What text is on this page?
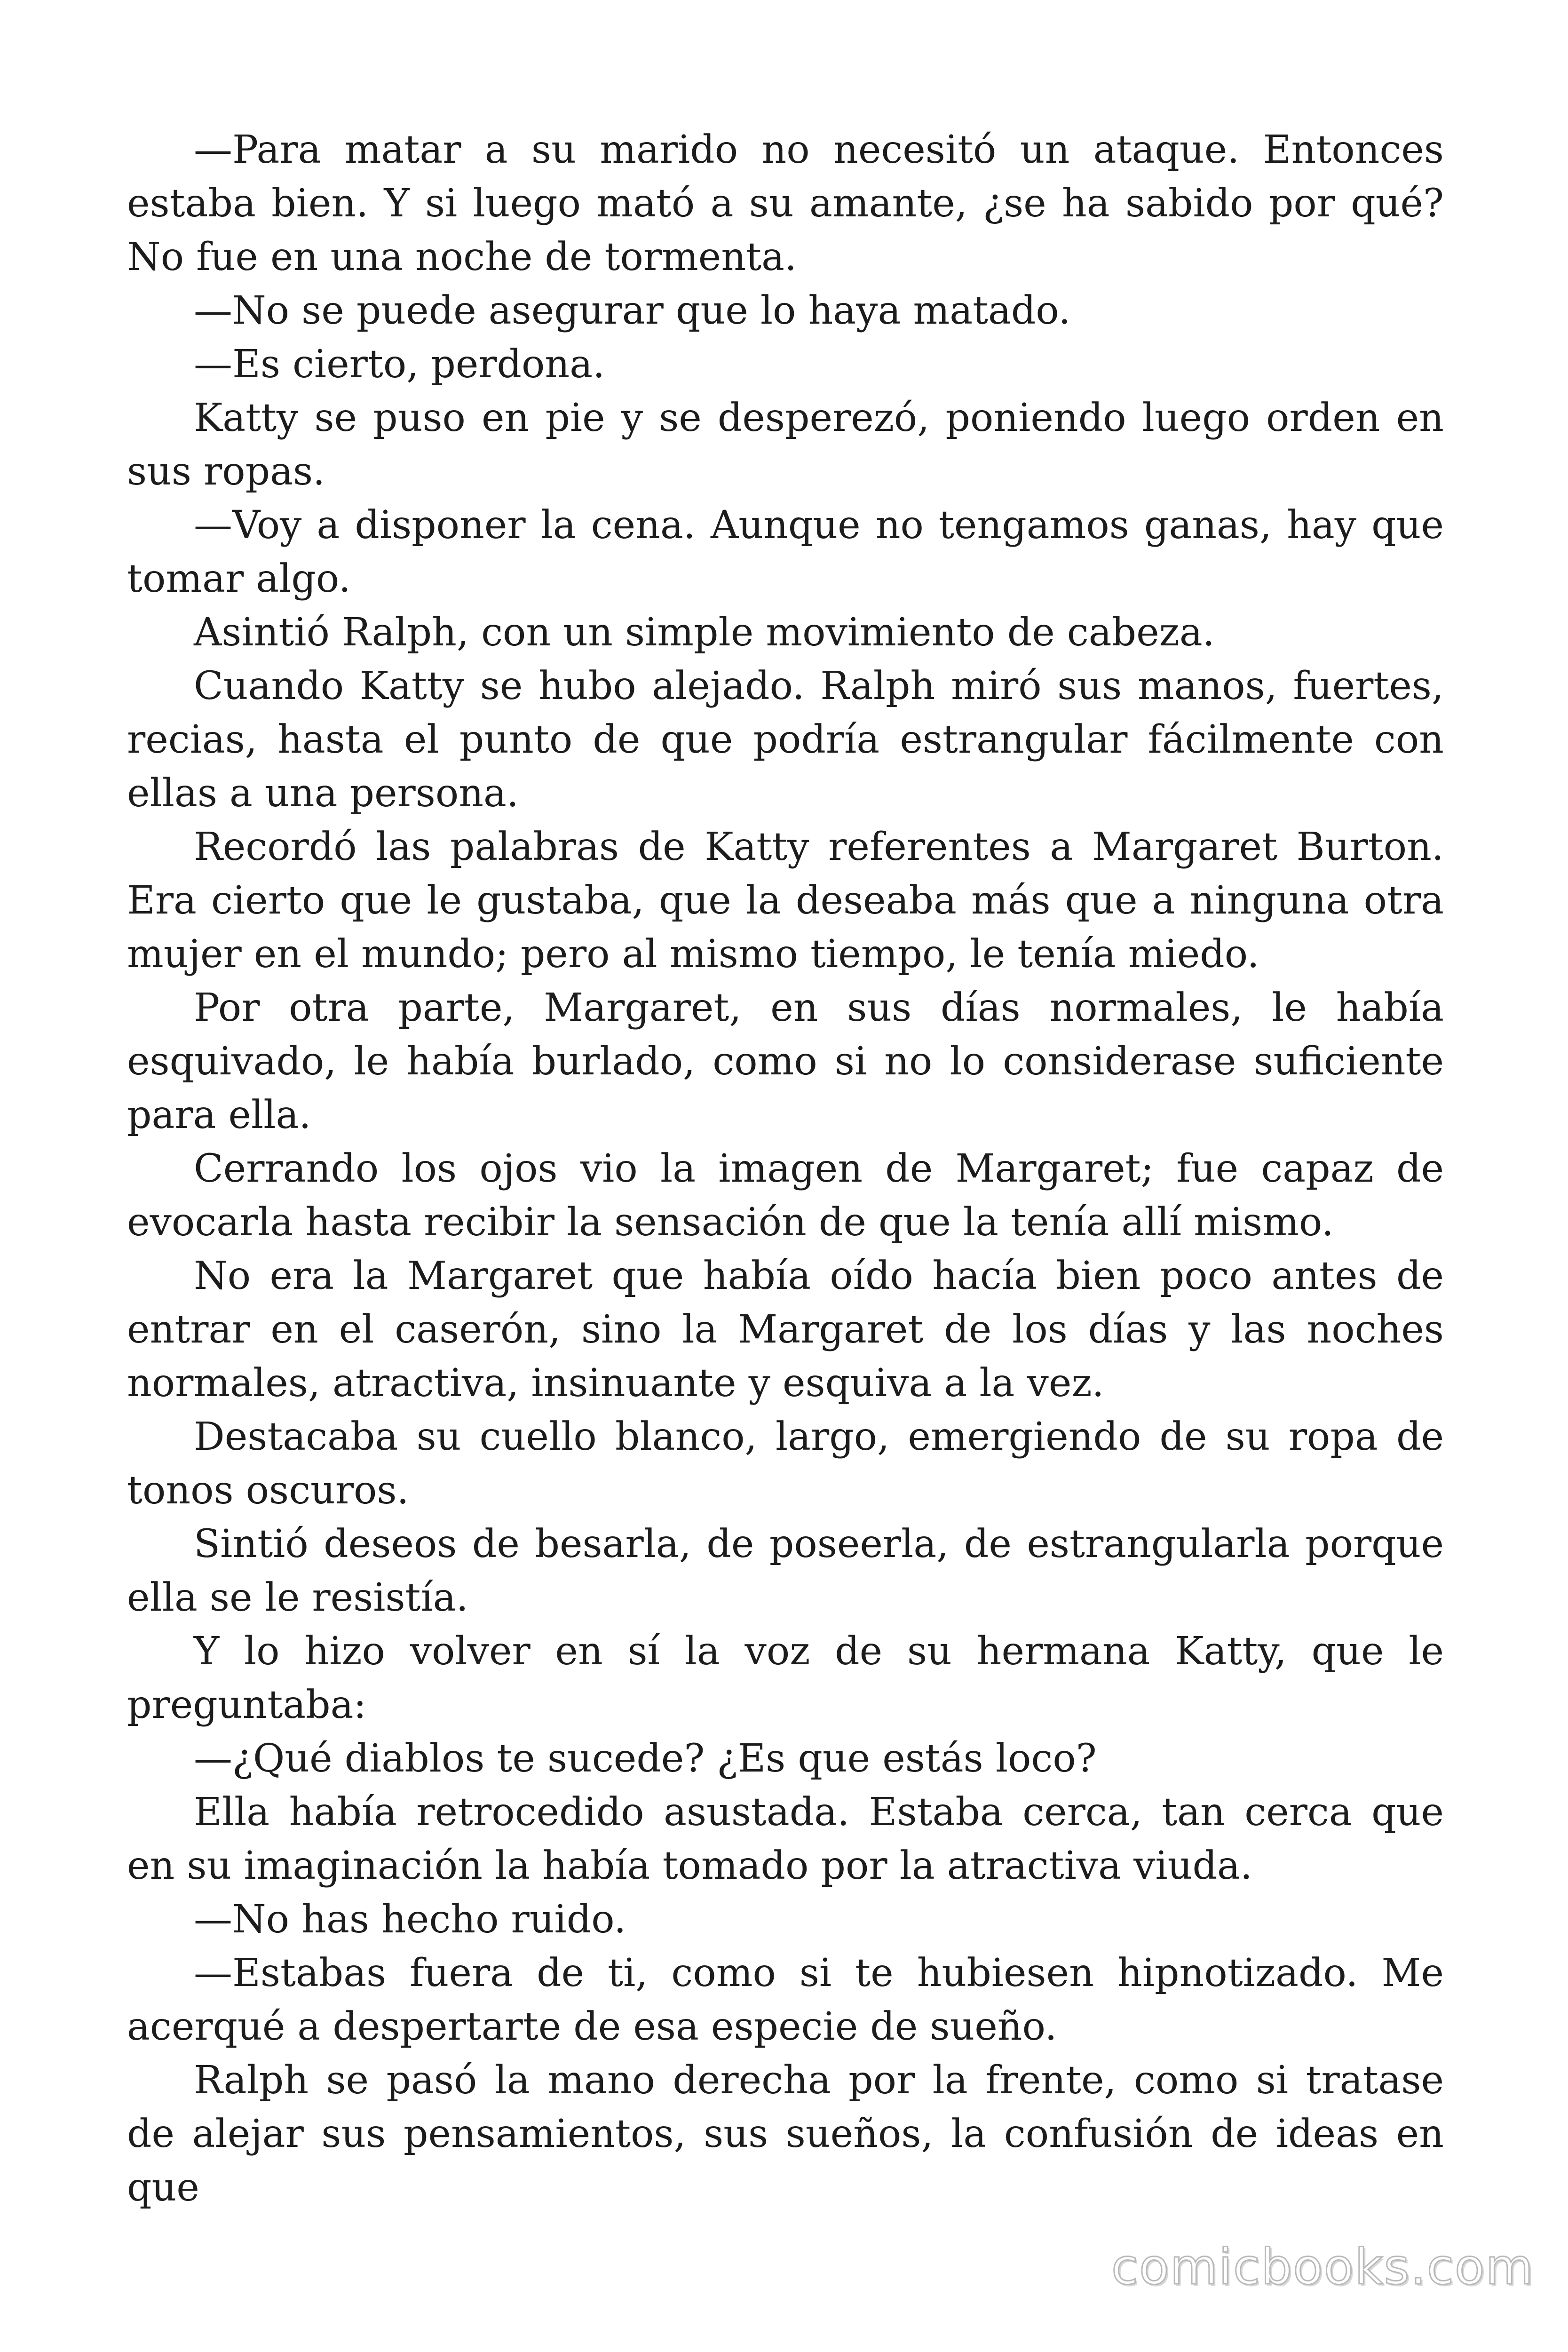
—Para matar a su marido no necesitó un ataque. Entonces estaba bien. Y si luego mató a su amante, ¿se ha sabido por qué? No fue en una noche de tormenta.

—No se puede asegurar que lo haya matado.

—Es cierto, perdona.

Katty se puso en pie y se desperezó, poniendo luego orden en sus ropas.

—Voy a disponer la cena. Aunque no tengamos ganas, hay que tomar algo.

Asintió Ralph, con un simple movimiento de cabeza.

Cuando Katty se hubo alejado. Ralph miró sus manos, fuertes, recias, hasta el punto de que podría estrangular fácilmente con ellas a una persona.

Recordó las palabras de Katty referentes a Margaret Burton. Era cierto que le gustaba, que la deseaba más que a ninguna otra mujer en el mundo; pero al mismo tiempo, le tenía miedo.

Por otra parte, Margaret, en sus días normales, le había esquivado, le había burlado, como si no lo considerase suficiente para ella.

Cerrando los ojos vio la imagen de Margaret; fue capaz de evocarla hasta recibir la sensación de que la tenía allí mismo.

No era la Margaret que había oído hacía bien poco antes de entrar en el caserón, sino la Margaret de los días y las noches normales, atractiva, insinuante y esquiva a la vez.

Destacaba su cuello blanco, largo, emergiendo de su ropa de tonos oscuros.

Sintió deseos de besarla, de poseerla, de estrangularla porque ella se le resistía.

Y lo hizo volver en sí la voz de su hermana Katty, que le preguntaba:

—¿Qué diablos te sucede? ¿Es que estás loco?

Ella había retrocedido asustada. Estaba cerca, tan cerca que en su imaginación la había tomado por la atractiva viuda.

—No has hecho ruido.

—Estabas fuera de ti, como si te hubiesen hipnotizado. Me acerqué a despertarte de esa especie de sueño.

Ralph se pasó la mano derecha por la frente, como si tratase de alejar sus pensamientos, sus sueños, la confusión de ideas en que

comicbooks.com
